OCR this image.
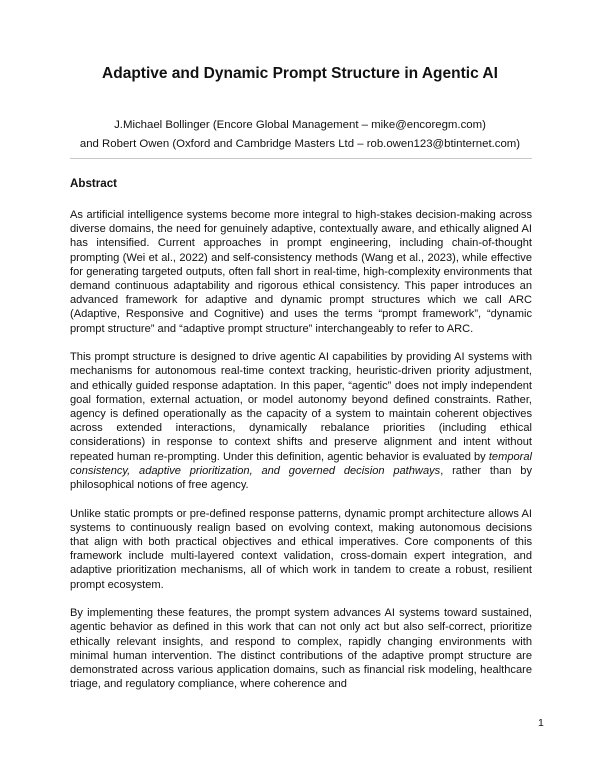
Adaptive and Dynamic Prompt Structure in Agentic AI
J.Michael Bollinger (Encore Global Management – mike@encoregm.com)
and Robert Owen (Oxford and Cambridge Masters Ltd – rob.owen123@btinternet.com)
Abstract

As artificial intelligence systems become more integral to high-stakes decision-making across diverse domains, the need for genuinely adaptive, contextually aware, and ethically aligned AI has intensified. Current approaches in prompt engineering, including chain-of-thought prompting (Wei et al., 2022) and self-consistency methods (Wang et al., 2023), while effective for generating targeted outputs, often fall short in real-time, high-complexity environments that demand continuous adaptability and rigorous ethical consistency. This paper introduces an advanced framework for adaptive and dynamic prompt structures which we call ARC (Adaptive, Responsive and Cognitive) and uses the terms “prompt framework”, “dynamic prompt structure” and “adaptive prompt structure” interchangeably to refer to ARC.

This prompt structure is designed to drive agentic AI capabilities by providing AI systems with mechanisms for autonomous real-time context tracking, heuristic-driven priority adjustment, and ethically guided response adaptation. In this paper, “agentic” does not imply independent goal formation, external actuation, or model autonomy beyond defined constraints. Rather, agency is defined operationally as the capacity of a system to maintain coherent objectives across extended interactions, dynamically rebalance priorities (including ethical considerations) in response to context shifts and preserve alignment and intent without repeated human re-prompting. Under this definition, agentic behavior is evaluated by temporal consistency, adaptive prioritization, and governed decision pathways, rather than by philosophical notions of free agency.

Unlike static prompts or pre-defined response patterns, dynamic prompt architecture allows AI systems to continuously realign based on evolving context, making autonomous decisions that align with both practical objectives and ethical imperatives. Core components of this framework include multi-layered context validation, cross-domain expert integration, and adaptive prioritization mechanisms, all of which work in tandem to create a robust, resilient prompt ecosystem.

By implementing these features, the prompt system advances AI systems toward sustained, agentic behavior as defined in this work that can not only act but also self-correct, prioritize ethically relevant insights, and respond to complex, rapidly changing environments with minimal human intervention. The distinct contributions of the adaptive prompt structure are demonstrated across various application domains, such as financial risk modeling, healthcare triage, and regulatory compliance, where coherence and

1
